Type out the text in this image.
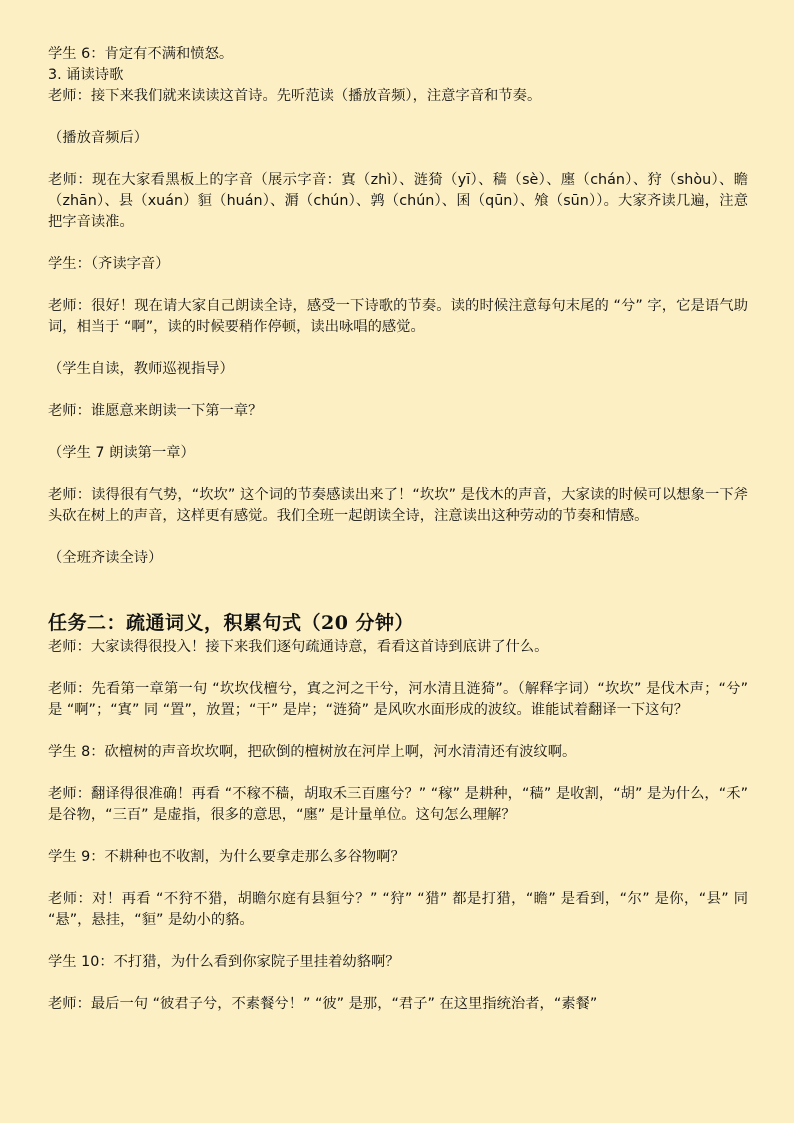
学生 6：肯定有不满和愤怒。

3. 诵读诗歌

老师：接下来我们就来读读这首诗。先听范读（播放音频），注意字音和节奏。

（播放音频后）

老师：现在大家看黑板上的字音（展示字音：寘（zhì）、涟猗（yī）、穑（sè）、廛（chán）、狩（shòu）、瞻（zhān）、县（xuán）貆（huán）、漘（chún）、鹑（chún）、囷（qūn）、飧（sūn））。大家齐读几遍，注意把字音读准。

学生：（齐读字音）

老师：很好！现在请大家自己朗读全诗，感受一下诗歌的节奏。读的时候注意每句末尾的 “兮” 字，它是语气助词，相当于 “啊”，读的时候要稍作停顿，读出咏唱的感觉。

（学生自读，教师巡视指导）

老师：谁愿意来朗读一下第一章？

（学生 7 朗读第一章）

老师：读得很有气势，“坎坎” 这个词的节奏感读出来了！“坎坎” 是伐木的声音，大家读的时候可以想象一下斧头砍在树上的声音，这样更有感觉。我们全班一起朗读全诗，注意读出这种劳动的节奏和情感。

（全班齐读全诗）

任务二：疏通词义，积累句式（20 分钟）

老师：大家读得很投入！接下来我们逐句疏通诗意，看看这首诗到底讲了什么。

老师：先看第一章第一句 “坎坎伐檀兮，寘之河之干兮，河水清且涟猗”。（解释字词）“坎坎” 是伐木声；“兮” 是 “啊”；“寘” 同 “置”，放置；“干” 是岸；“涟猗” 是风吹水面形成的波纹。谁能试着翻译一下这句？

学生 8：砍檀树的声音坎坎啊，把砍倒的檀树放在河岸上啊，河水清清还有波纹啊。

老师：翻译得很准确！再看 “不稼不穑，胡取禾三百廛兮？” “稼” 是耕种，“穑” 是收割，“胡” 是为什么，“禾” 是谷物，“三百” 是虚指，很多的意思，“廛” 是计量单位。这句怎么理解？

学生 9：不耕种也不收割，为什么要拿走那么多谷物啊？

老师：对！再看 “不狩不猎，胡瞻尔庭有县貆兮？” “狩” “猎” 都是打猎，“瞻” 是看到，“尔” 是你，“县” 同 “悬”，悬挂，“貆” 是幼小的貉。

学生 10：不打猎，为什么看到你家院子里挂着幼貉啊？

老师：最后一句 “彼君子兮，不素餐兮！” “彼” 是那，“君子” 在这里指统治者，“素餐”
